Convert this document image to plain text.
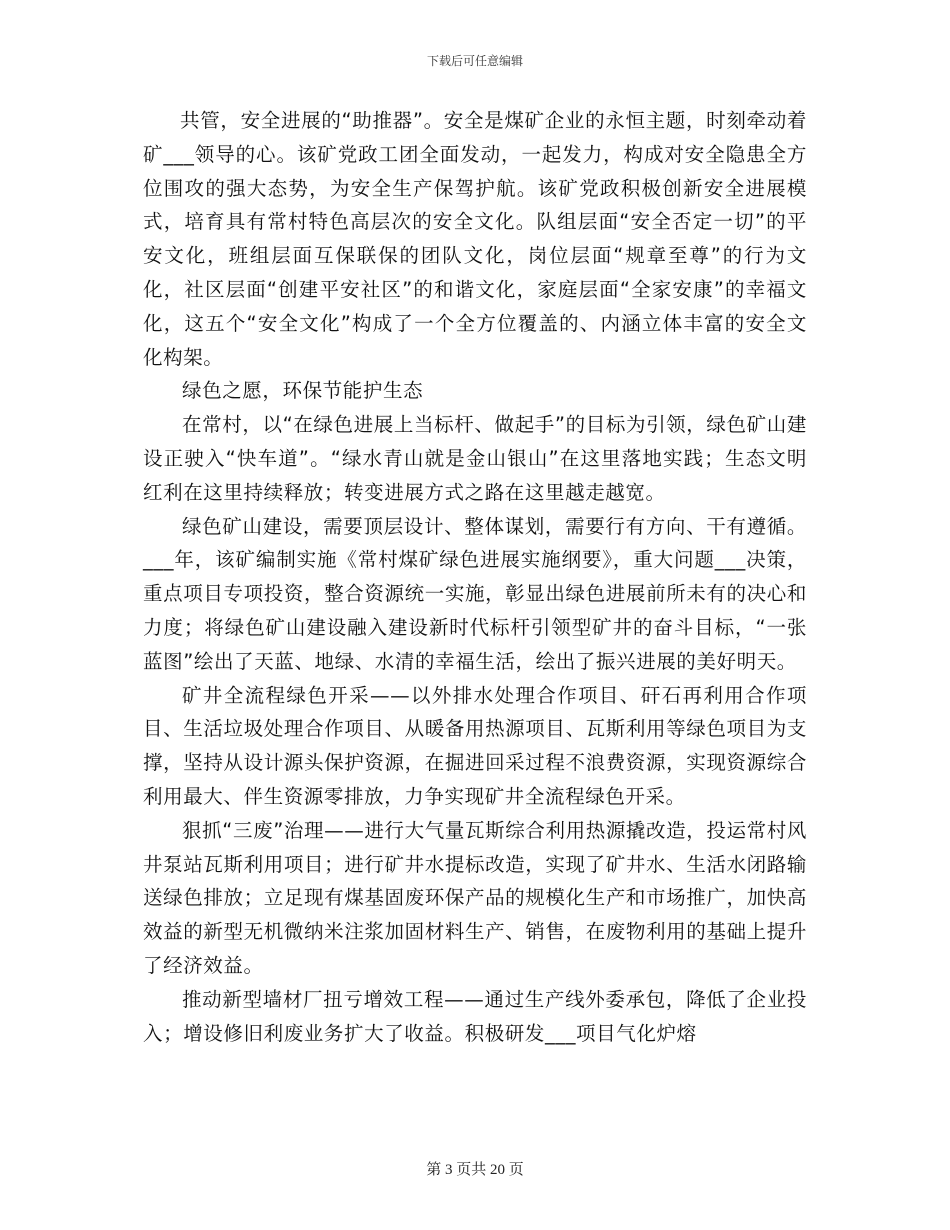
下载后可任意编辑

共管，安全进展的“助推器”。安全是煤矿企业的永恒主题，时刻牵动着矿___领导的心。该矿党政工团全面发动，一起发力，构成对安全隐患全方位围攻的强大态势，为安全生产保驾护航。该矿党政积极创新安全进展模式，培育具有常村特色高层次的安全文化。队组层面“安全否定一切”的平安文化，班组层面互保联保的团队文化，岗位层面“规章至尊”的行为文化，社区层面“创建平安社区”的和谐文化，家庭层面“全家安康”的幸福文化，这五个“安全文化”构成了一个全方位覆盖的、内涵立体丰富的安全文化构架。

绿色之愿，环保节能护生态

在常村，以“在绿色进展上当标杆、做起手”的目标为引领，绿色矿山建设正驶入“快车道”。“绿水青山就是金山银山”在这里落地实践；生态文明红利在这里持续释放；转变进展方式之路在这里越走越宽。

绿色矿山建设，需要顶层设计、整体谋划，需要行有方向、干有遵循。___年，该矿编制实施《常村煤矿绿色进展实施纲要》，重大问题___决策，重点项目专项投资，整合资源统一实施，彰显出绿色进展前所未有的决心和力度；将绿色矿山建设融入建设新时代标杆引领型矿井的奋斗目标，“一张蓝图”绘出了天蓝、地绿、水清的幸福生活，绘出了振兴进展的美好明天。

矿井全流程绿色开采——以外排水处理合作项目、矸石再利用合作项目、生活垃圾处理合作项目、从暖备用热源项目、瓦斯利用等绿色项目为支撑，坚持从设计源头保护资源，在掘进回采过程不浪费资源，实现资源综合利用最大、伴生资源零排放，力争实现矿井全流程绿色开采。

狠抓“三废”治理——进行大气量瓦斯综合利用热源撬改造，投运常村风井泵站瓦斯利用项目；进行矿井水提标改造，实现了矿井水、生活水闭路输送绿色排放；立足现有煤基固废环保产品的规模化生产和市场推广，加快高效益的新型无机微纳米注浆加固材料生产、销售，在废物利用的基础上提升了经济效益。

推动新型墙材厂扭亏增效工程——通过生产线外委承包，降低了企业投入；增设修旧利废业务扩大了收益。积极研发___项目气化炉熔

第 3 页共 20 页
